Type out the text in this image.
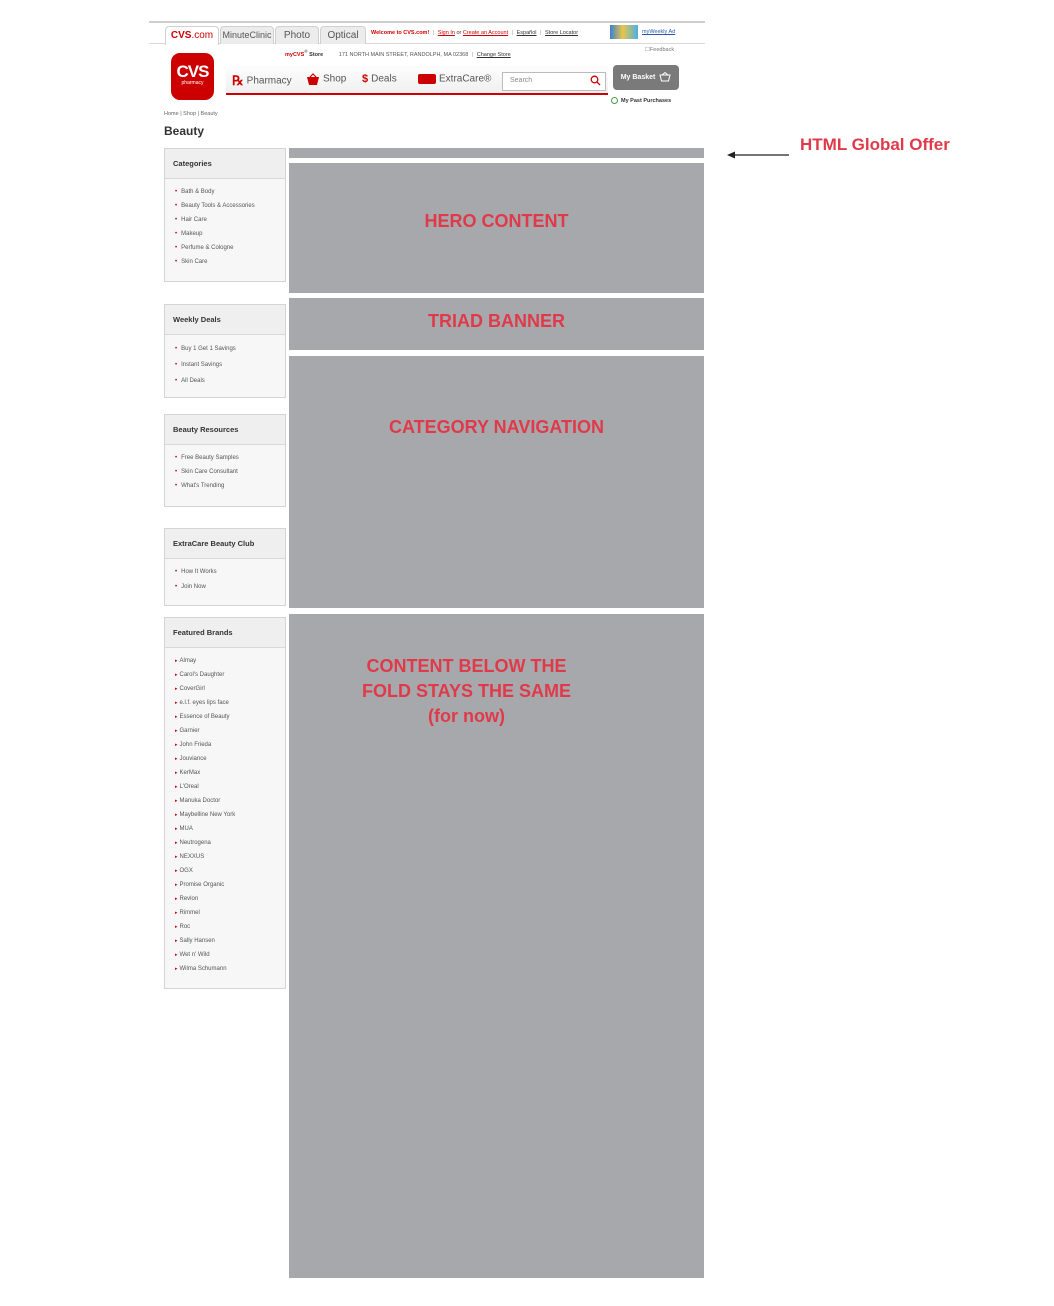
CVS.com	MinuteClinic	Photo	Optical	Welcome to CVS.com! | Sign In or Create an Account | Español | Store Locator	myWeekly Ad
☐Feedback
myCVS® Store	171 NORTH MAIN STREET, RANDOLPH, MA 02368 | Change Store
CVS
pharmacy	℞ Pharmacy	Shop $ Deals	ExtraCare®	Search	My Basket
My Past Purchases
Home | Shop | Beauty
Beauty
Categories
• Bath & Body
• Beauty Tools & Accessories
• Hair Care
• Makeup
• Perfume & Cologne
• Skin Care
Weekly Deals
• Buy 1 Get 1 Savings
• Instant Savings
• All Deals
Beauty Resources
• Free Beauty Samples
• Skin Care Consultant
• What's Trending
ExtraCare Beauty Club
• How It Works
• Join Now
Featured Brands
▸ Almay
▸ Carol's Daughter
▸ CoverGirl
▸ e.l.f. eyes lips face
▸ Essence of Beauty
▸ Garnier
▸ John Frieda
▸ Jouviance
▸ KerMax
▸ L'Oreal
▸ Manuka Doctor
▸ Maybelline New York
▸ MUA
▸ Neutrogena
▸ NEXXUS
▸ OGX
▸ Promise Organic
▸ Revlon
▸ Rimmel
▸ Roc
▸ Sally Hansen
▸ Wet n' Wild
▸ Wilma Schumann
HERO CONTENT
TRIAD BANNER
CATEGORY NAVIGATION
CONTENT BELOW THE
FOLD STAYS THE SAME
(for now)
HTML Global Offer
